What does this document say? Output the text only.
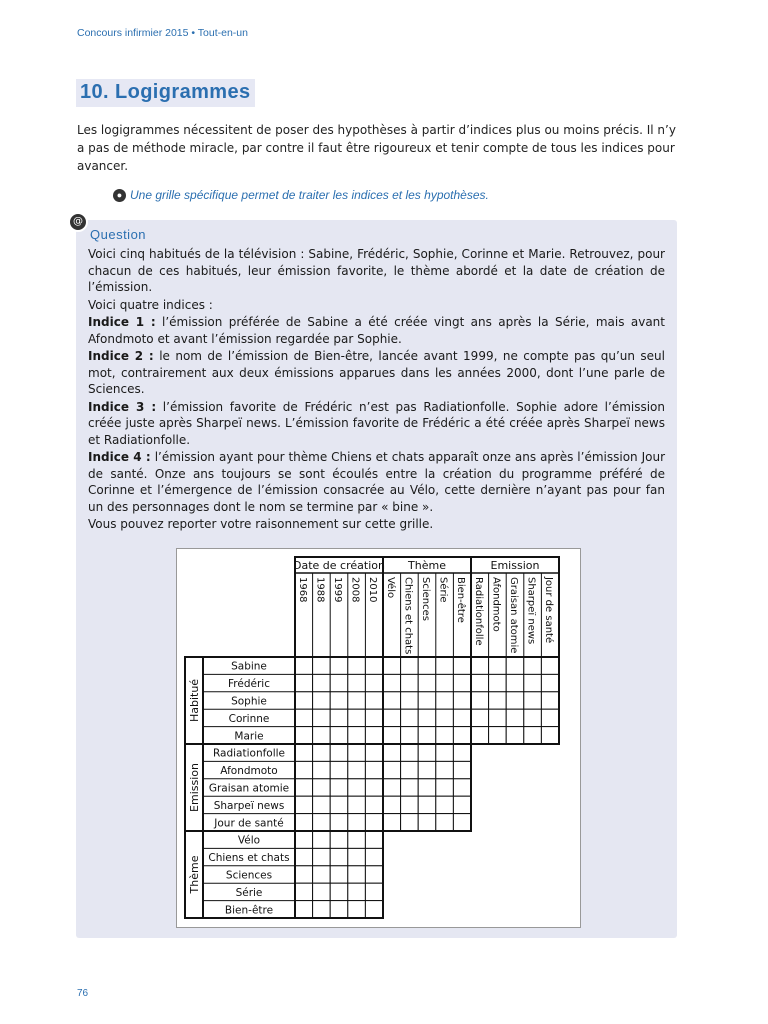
Concours infirmier 2015 • Tout-en-un
10. Logigrammes
Les logigrammes nécessitent de poser des hypothèses à partir d’indices plus ou moins précis. Il n’y a pas de méthode miracle, par contre il faut être rigoureux et tenir compte de tous les indices pour avancer.
● Une grille spécifique permet de traiter les indices et les hypothèses.
@
Question

Voici cinq habitués de la télévision : Sabine, Frédéric, Sophie, Corinne et Marie. Retrouvez, pour chacun de ces habitués, leur émission favorite, le thème abordé et la date de création de l’émission.

Voici quatre indices :

Indice 1 : l’émission préférée de Sabine a été créée vingt ans après la Série, mais avant Afondmoto et avant l’émission regardée par Sophie.

Indice 2 : le nom de l’émission de Bien-être, lancée avant 1999, ne compte pas qu’un seul mot, contrairement aux deux émissions apparues dans les années 2000, dont l’une parle de Sciences.

Indice 3 : l’émission favorite de Frédéric n’est pas Radiationfolle. Sophie adore l’émission créée juste après Sharpeï news. L’émission favorite de Frédéric a été créée après Sharpeï news et Radiationfolle.

Indice 4 : l’émission ayant pour thème Chiens et chats apparaît onze ans après l’émission Jour de santé. Onze ans toujours se sont écoulés entre la création du programme préféré de Corinne et l’émergence de l’émission consacrée au Vélo, cette dernière n’ayant pas pour fan un des personnages dont le nom se termine par « bine ».

Vous pouvez reporter votre raisonnement sur cette grille.

Date de création
1968 1988 1999 2008 2010
Thème
Vélo Chiens et chats Sciences Série Bien-être
Emission
Radiationfolle Afondmoto Graisan atomie Sharpeï news Jour de santé
Habitué
Sabine
Frédéric
Sophie
Corinne
Marie
Emission
Radiationfolle
Afondmoto
Graisan atomie
Sharpeï news
Jour de santé
Thème
Vélo
Chiens et chats
Sciences
Série
Bien-être
76
